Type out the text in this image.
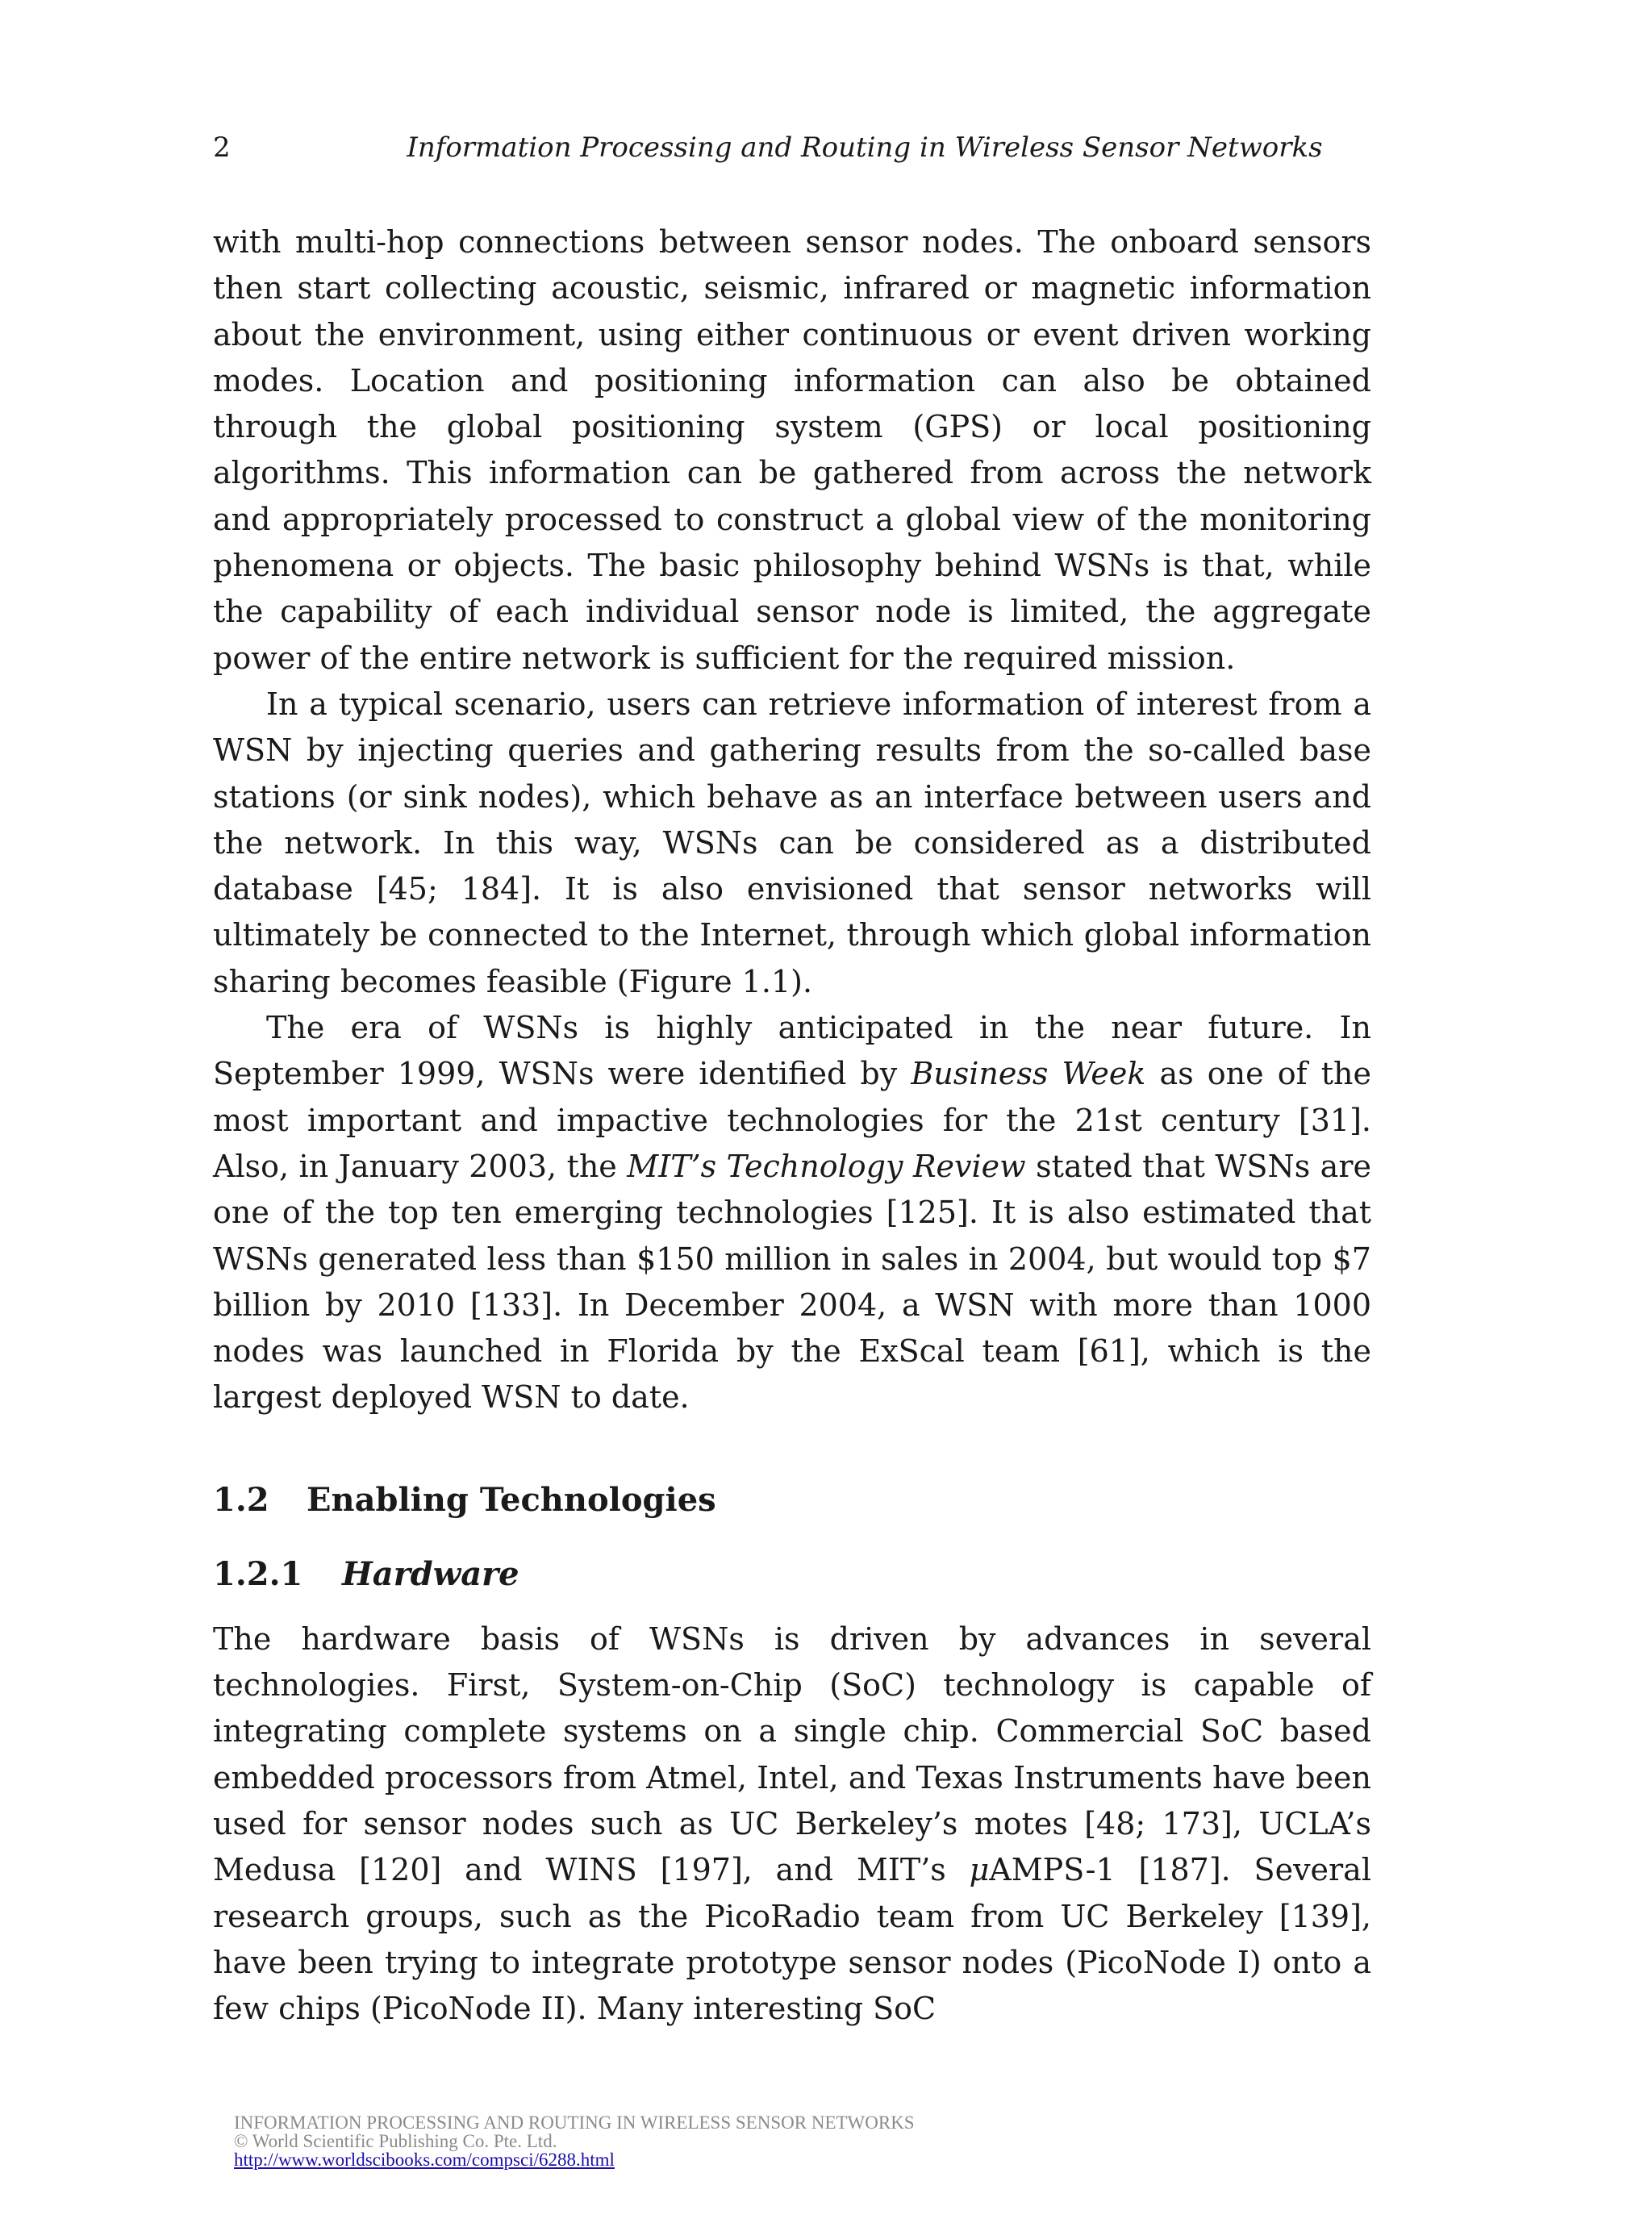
2	Information Processing and Routing in Wireless Sensor Networks

with multi-hop connections between sensor nodes. The onboard sensors then start collecting acoustic, seismic, infrared or magnetic information about the environment, using either continuous or event driven working modes. Location and positioning information can also be obtained through the global positioning system (GPS) or local positioning algorithms. This information can be gathered from across the network and appropriately processed to construct a global view of the monitoring phenomena or objects. The basic philosophy behind WSNs is that, while the capability of each individual sensor node is limited, the aggregate power of the entire network is sufficient for the required mission.

In a typical scenario, users can retrieve information of interest from a WSN by injecting queries and gathering results from the so-called base stations (or sink nodes), which behave as an interface between users and the network. In this way, WSNs can be considered as a distributed database [45; 184]. It is also envisioned that sensor networks will ultimately be connected to the Internet, through which global information sharing becomes feasible (Figure 1.1).

The era of WSNs is highly anticipated in the near future. In September 1999, WSNs were identified by Business Week as one of the most important and impactive technologies for the 21st century [31]. Also, in January 2003, the MIT’s Technology Review stated that WSNs are one of the top ten emerging technologies [125]. It is also estimated that WSNs generated less than $150 million in sales in 2004, but would top $7 billion by 2010 [133]. In December 2004, a WSN with more than 1000 nodes was launched in Florida by the ExScal team [61], which is the largest deployed WSN to date.

1.2 Enabling Technologies
1.2.1 Hardware

The hardware basis of WSNs is driven by advances in several technologies. First, System-on-Chip (SoC) technology is capable of integrating complete systems on a single chip. Commercial SoC based embedded processors from Atmel, Intel, and Texas Instruments have been used for sensor nodes such as UC Berkeley’s motes [48; 173], UCLA’s Medusa [120] and WINS [197], and MIT’s μAMPS-1 [187]. Several research groups, such as the PicoRadio team from UC Berkeley [139], have been trying to integrate prototype sensor nodes (PicoNode I) onto a few chips (PicoNode II). Many interesting SoC

INFORMATION PROCESSING AND ROUTING IN WIRELESS SENSOR NETWORKS
© World Scientific Publishing Co. Pte. Ltd.
http://www.worldscibooks.com/compsci/6288.html
